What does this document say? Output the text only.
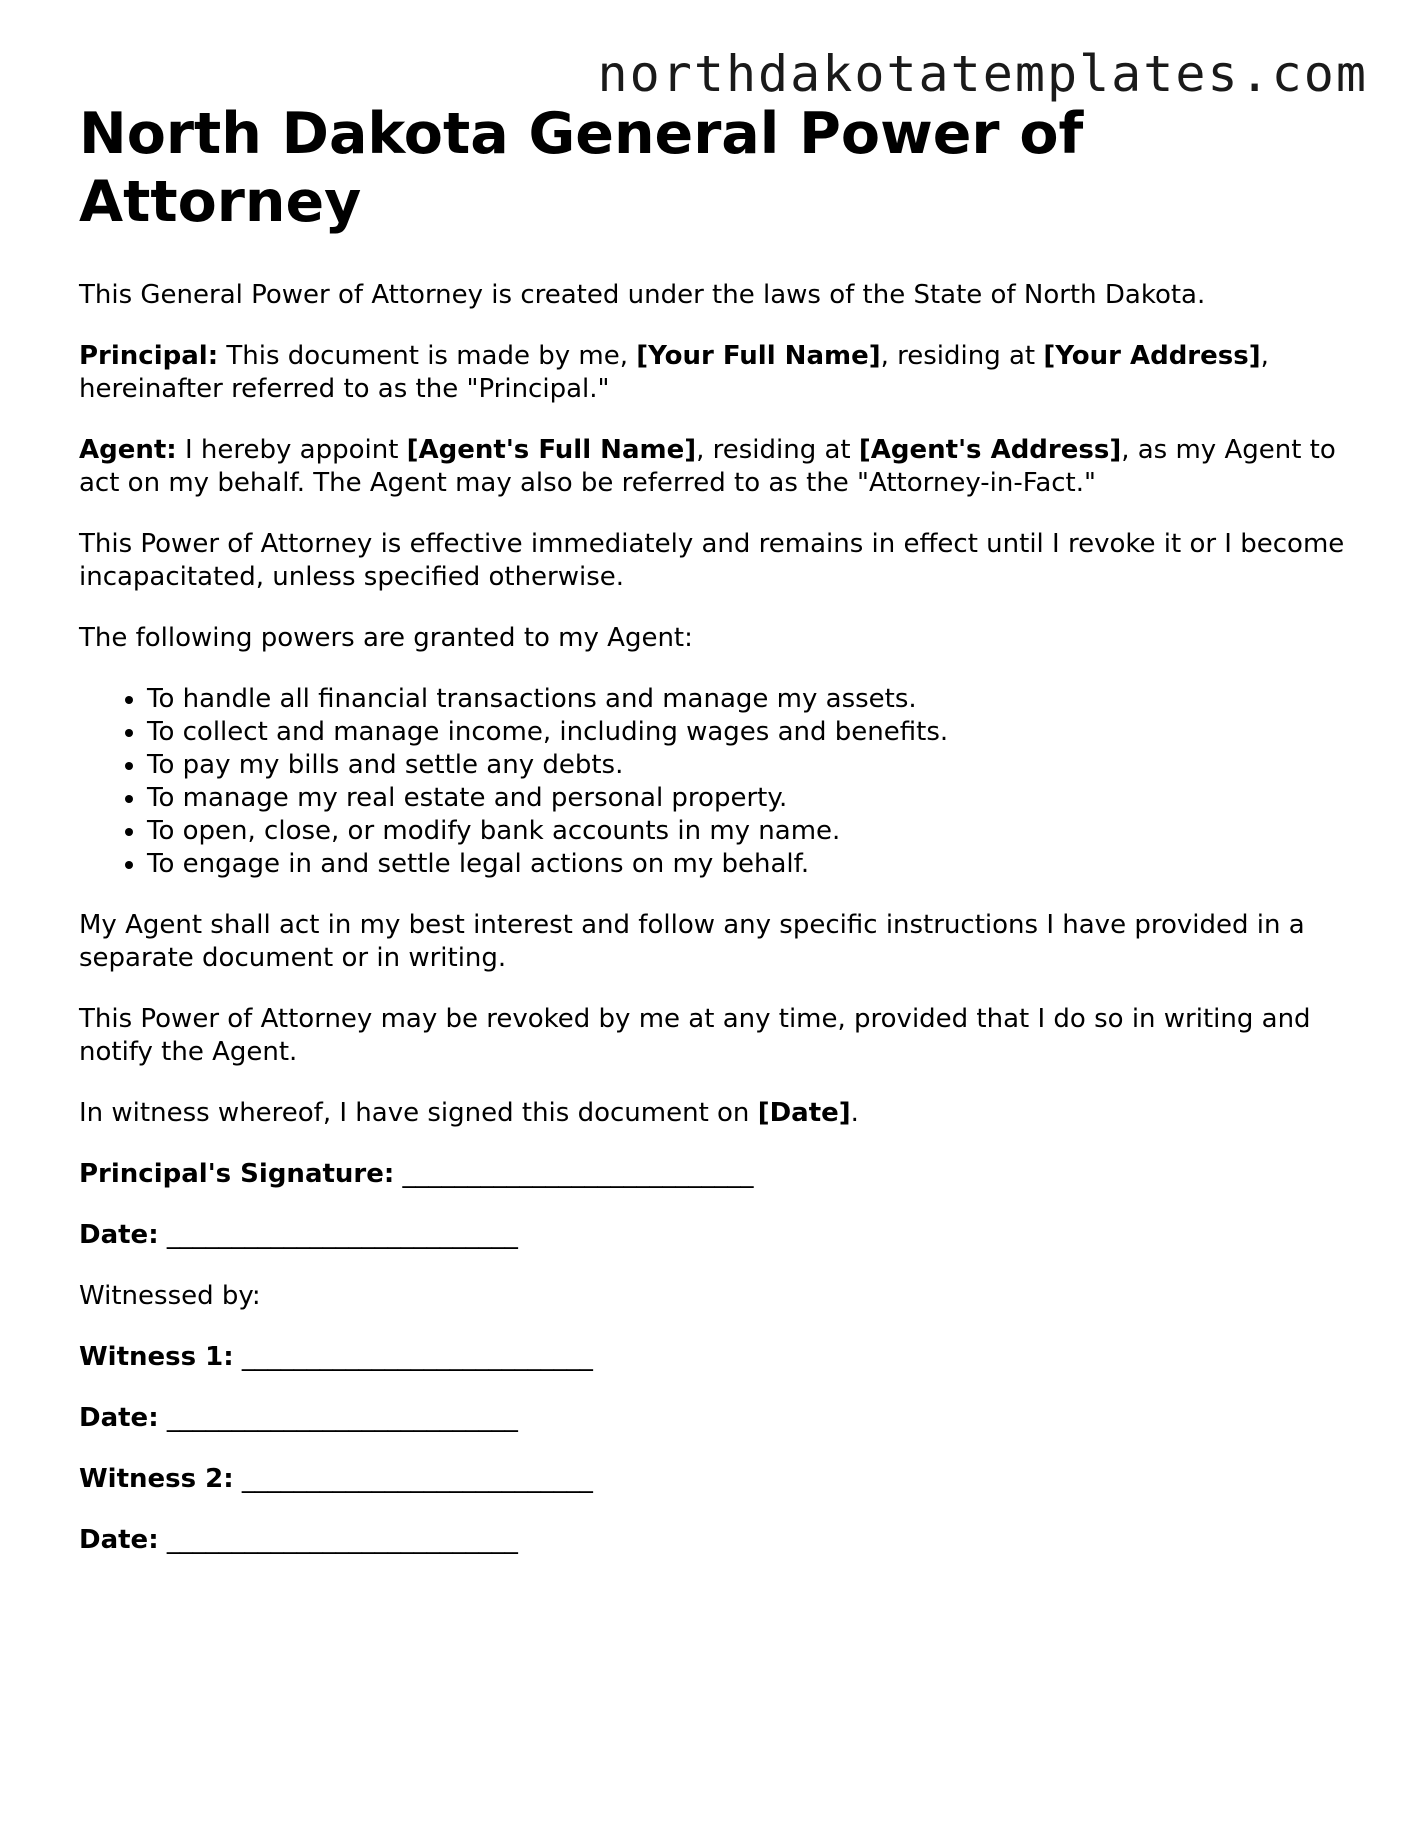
northdakotatemplates.com
North Dakota General Power of Attorney

This General Power of Attorney is created under the laws of the State of North Dakota.

Principal: This document is made by me, [Your Full Name], residing at [Your Address], hereinafter referred to as the "Principal."

Agent: I hereby appoint [Agent's Full Name], residing at [Agent's Address], as my Agent to act on my behalf. The Agent may also be referred to as the "Attorney-in-Fact."

This Power of Attorney is effective immediately and remains in effect until I revoke it or I become incapacitated, unless specified otherwise.

The following powers are granted to my Agent:

• To handle all financial transactions and manage my assets.
• To collect and manage income, including wages and benefits.
• To pay my bills and settle any debts.
• To manage my real estate and personal property.
• To open, close, or modify bank accounts in my name.
• To engage in and settle legal actions on my behalf.

My Agent shall act in my best interest and follow any specific instructions I have provided in a separate document or in writing.

This Power of Attorney may be revoked by me at any time, provided that I do so in writing and notify the Agent.

In witness whereof, I have signed this document on [Date].

Principal's Signature: ___________________________
Date: ___________________________

Witnessed by:

Witness 1: ___________________________
Date: ___________________________
Witness 2: ___________________________
Date: ___________________________
